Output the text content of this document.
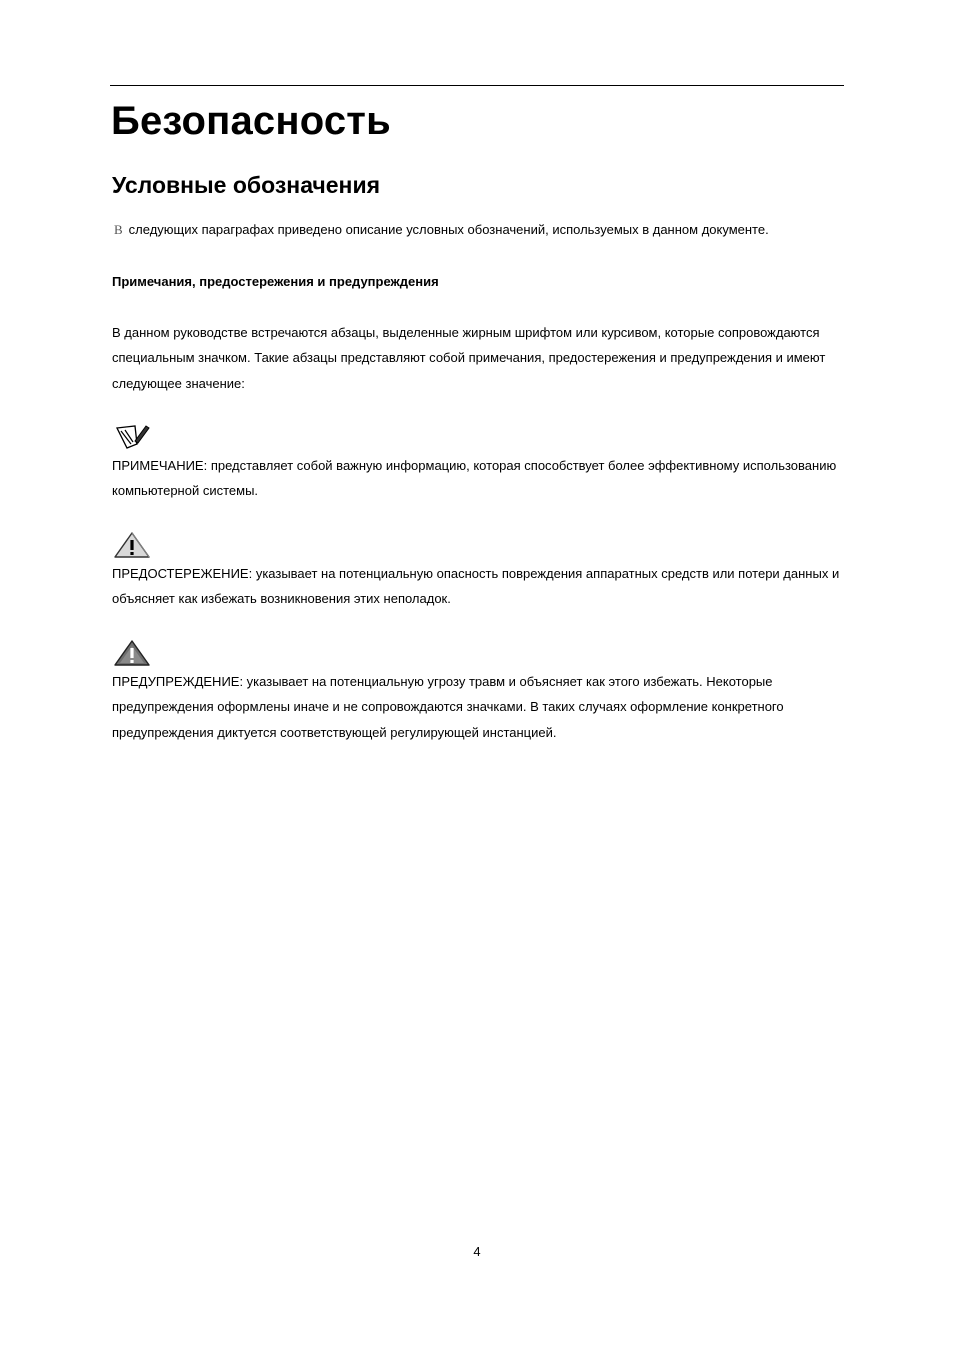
Безопасность
Условные обозначения
В следующих параграфах приведено описание условных обозначений, используемых в данном документе.
Примечания, предостережения и предупреждения

В данном руководстве встречаются абзацы, выделенные жирным шрифтом или курсивом, которые сопровождаются специальным значком. Такие абзацы представляют собой примечания, предостережения и предупреждения и имеют следующее значение:

ПРИМЕЧАНИЕ: представляет собой важную информацию, которая способствует более эффективному использованию компьютерной системы.

ПРЕДОСТЕРЕЖЕНИЕ: указывает на потенциальную опасность повреждения аппаратных средств или потери данных и объясняет как избежать возникновения этих неполадок.

ПРЕДУПРЕЖДЕНИЕ: указывает на потенциальную угрозу травм и объясняет как этого избежать. Некоторые предупреждения оформлены иначе и не сопровождаются значками. В таких случаях оформление конкретного предупреждения диктуется соответствующей регулирующей инстанцией.

4
